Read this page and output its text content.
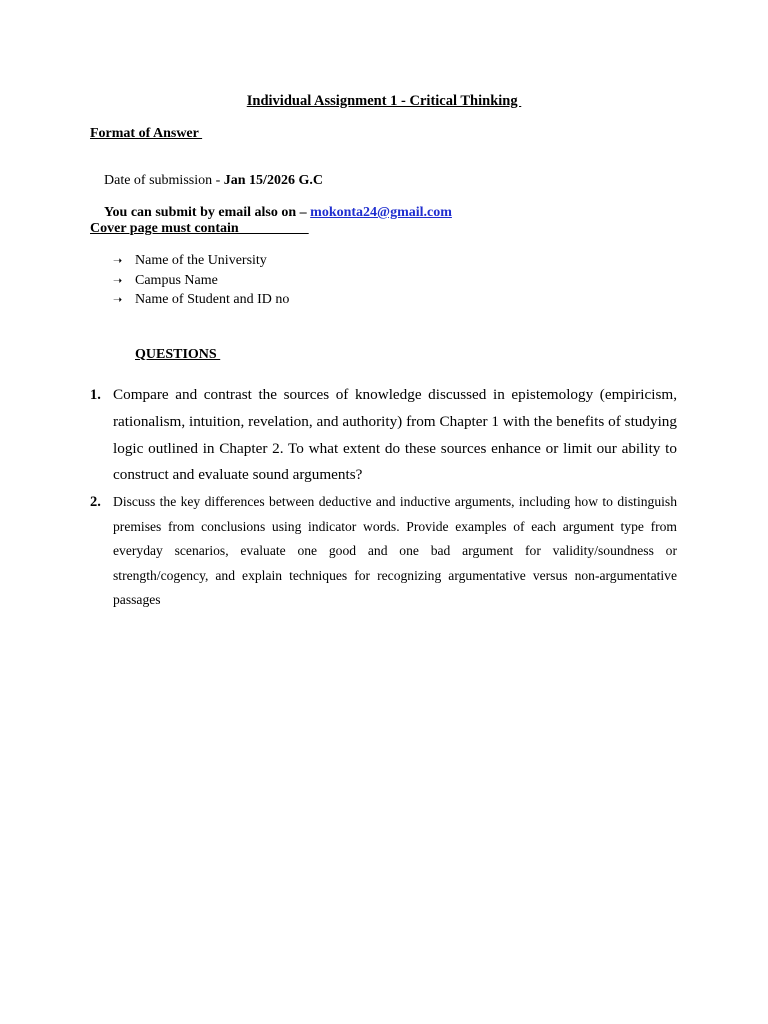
Individual Assignment 1 - Critical Thinking
Format of Answer

Date of submission - Jan 15/2026 G.C

You can submit by email also on – mokonta24@gmail.com

Cover page must contain
➝ Name of the University
➝ Campus Name
➝ Name of Student and ID no
QUESTIONS
1. Compare and contrast the sources of knowledge discussed in epistemology (empiricism, rationalism, intuition, revelation, and authority) from Chapter 1 with the benefits of studying logic outlined in Chapter 2. To what extent do these sources enhance or limit our ability to construct and evaluate sound arguments?
2. Discuss the key differences between deductive and inductive arguments, including how to distinguish premises from conclusions using indicator words. Provide examples of each argument type from everyday scenarios, evaluate one good and one bad argument for validity/soundness or strength/cogency, and explain techniques for recognizing argumentative versus non-argumentative passages
